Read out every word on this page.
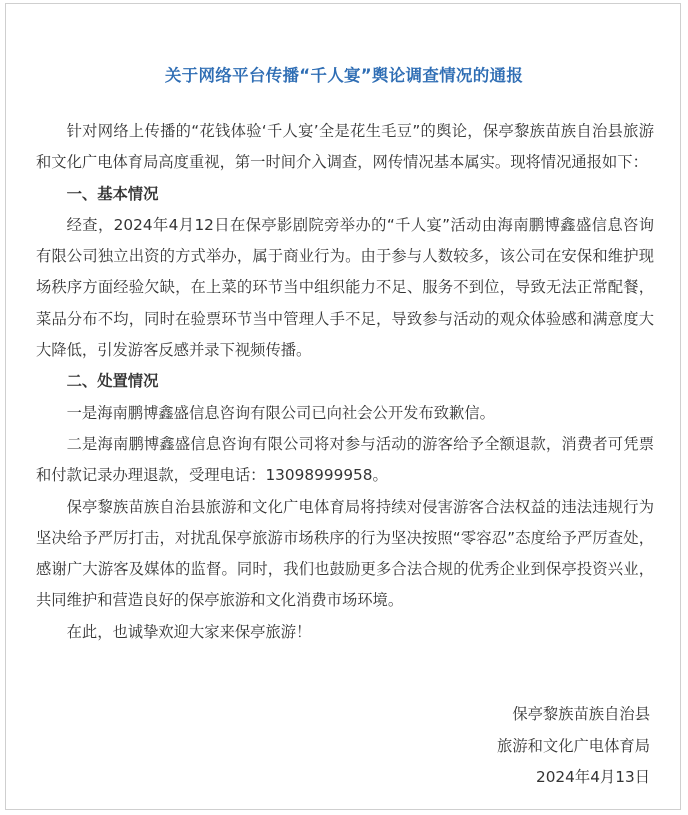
关于网络平台传播“千人宴”舆论调查情况的通报

针对网络上传播的“花钱体验‘千人宴’全是花生毛豆”的舆论，保亭黎族苗族自治县旅游和文化广电体育局高度重视，第一时间介入调查，网传情况基本属实。现将情况通报如下：

一、基本情况

经查，2024年4月12日在保亭影剧院旁举办的“千人宴”活动由海南鹏博鑫盛信息咨询有限公司独立出资的方式举办，属于商业行为。由于参与人数较多，该公司在安保和维护现场秩序方面经验欠缺，在上菜的环节当中组织能力不足、服务不到位，导致无法正常配餐，菜品分布不均，同时在验票环节当中管理人手不足，导致参与活动的观众体验感和满意度大大降低，引发游客反感并录下视频传播。

二、处置情况

一是海南鹏博鑫盛信息咨询有限公司已向社会公开发布致歉信。

二是海南鹏博鑫盛信息咨询有限公司将对参与活动的游客给予全额退款，消费者可凭票和付款记录办理退款，受理电话：13098999958。

保亭黎族苗族自治县旅游和文化广电体育局将持续对侵害游客合法权益的违法违规行为坚决给予严厉打击，对扰乱保亭旅游市场秩序的行为坚决按照“零容忍”态度给予严厉查处，感谢广大游客及媒体的监督。同时，我们也鼓励更多合法合规的优秀企业到保亭投资兴业，共同维护和营造良好的保亭旅游和文化消费市场环境。

在此，也诚挚欢迎大家来保亭旅游！

保亭黎族苗族自治县
旅游和文化广电体育局
2024年4月13日
